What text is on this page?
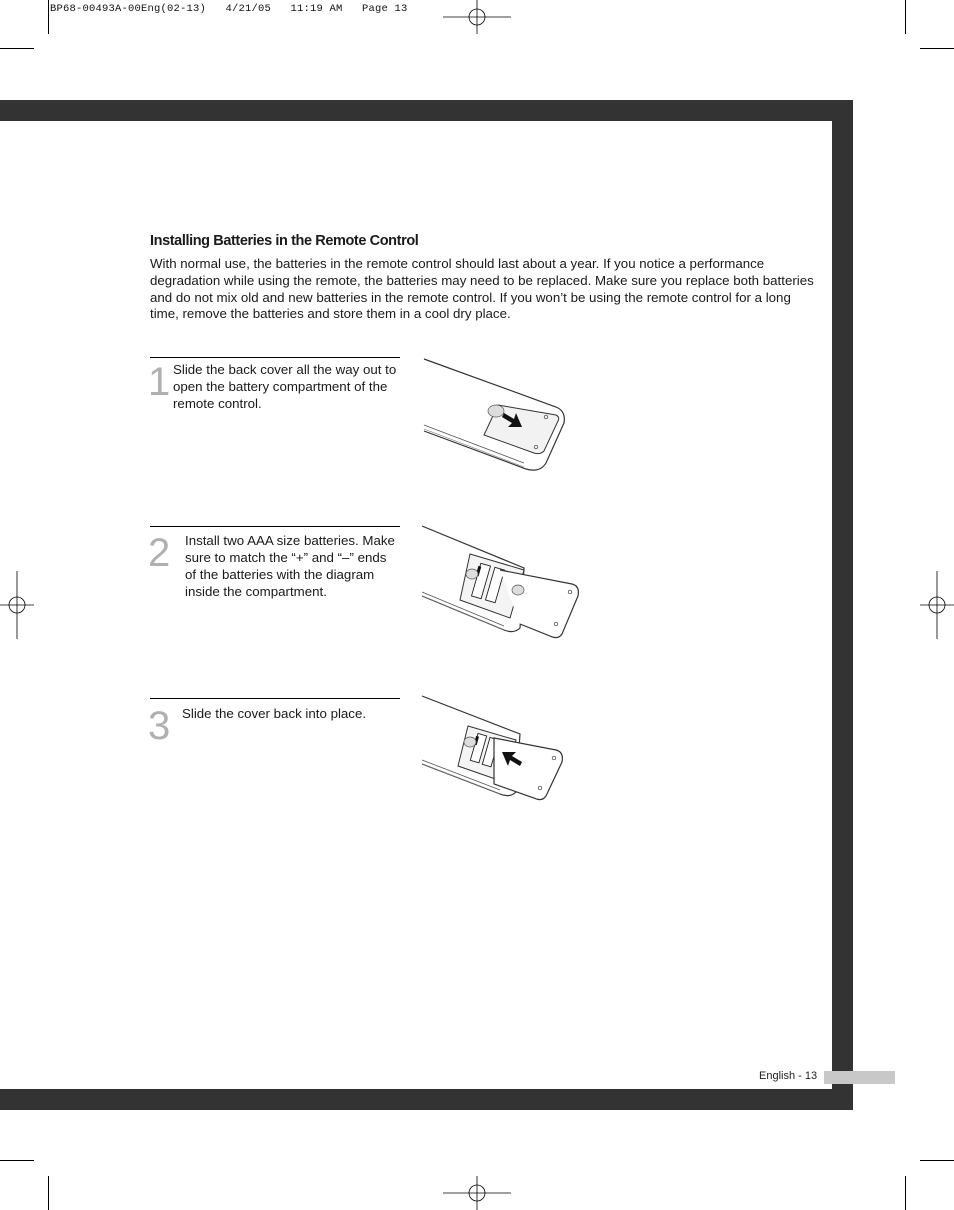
BP68-00493A-00Eng(02-13)   4/21/05   11:19 AM   Page 13
Installing Batteries in the Remote Control
With normal use, the batteries in the remote control should last about a year. If you notice a performance degradation while using the remote, the batteries may need to be replaced. Make sure you replace both batteries and do not mix old and new batteries in the remote control. If you won’t be using the remote control for a long time, remove the batteries and store them in a cool dry place.
1 Slide the back cover all the way out to open the battery compartment of the remote control.
2 Install two AAA size batteries. Make sure to match the “+” and “–” ends of the batteries with the diagram inside the compartment.
3 Slide the cover back into place.
English - 13
